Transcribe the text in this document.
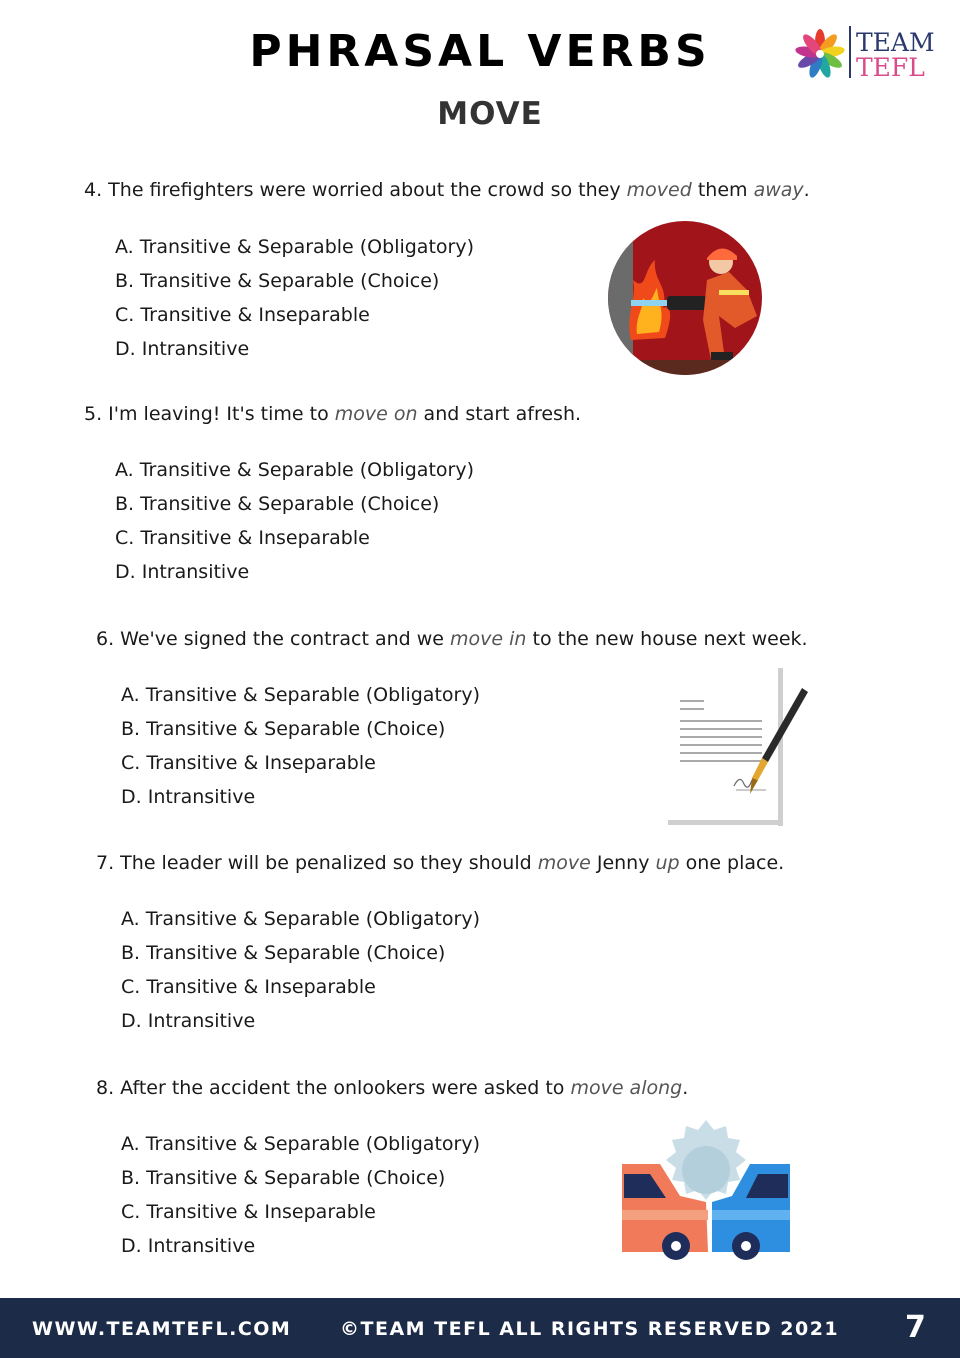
PHRASAL VERBS
MOVE
TEAM
TEFL
4. The firefighters were worried about the crowd so they moved them away.
A. Transitive & Separable (Obligatory)
B. Transitive & Separable (Choice)
C. Transitive & Inseparable
D. Intransitive
5. I'm leaving! It's time to move on and start afresh.
A. Transitive & Separable (Obligatory)
B. Transitive & Separable (Choice)
C. Transitive & Inseparable
D. Intransitive
6. We've signed the contract and we move in to the new house next week.
A. Transitive & Separable (Obligatory)
B. Transitive & Separable (Choice)
C. Transitive & Inseparable
D. Intransitive
7. The leader will be penalized so they should move Jenny up one place.
A. Transitive & Separable (Obligatory)
B. Transitive & Separable (Choice)
C. Transitive & Inseparable
D. Intransitive
8. After the accident the onlookers were asked to move along.
A. Transitive & Separable (Obligatory)
B. Transitive & Separable (Choice)
C. Transitive & Inseparable
D. Intransitive
WWW.TEAMTEFL.COM	©TEAM TEFL ALL RIGHTS RESERVED 2021 7
